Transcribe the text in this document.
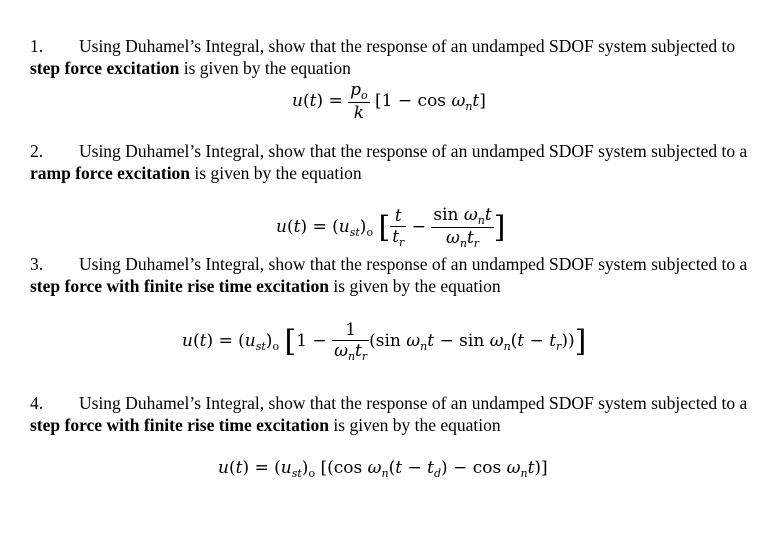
1. Using Duhamel’s Integral, show that the response of an undamped SDOF system subjected to step force excitation is given by the equation
$u(t) = \frac{p_o}{k} [1 - \cos \omega_nt]$
2. Using Duhamel’s Integral, show that the response of an undamped SDOF system subjected to a ramp force excitation is given by the equation
$u(t) = (u_{st})_o$ [ $\frac{t}{t_r} - \frac{\sin \omega_nt}{\omega_nt_r}$ ]
3. Using Duhamel’s Integral, show that the response of an undamped SDOF system subjected to a step force with finite rise time excitation is given by the equation
$u(t) = (u_{st})_o$ [$1 - \frac{1}{\omega_nt_r} (\sin$ $\omega_nt - \sin \omega_n(t - t_r)$)]
4. Using Duhamel’s Integral, show that the response of an undamped SDOF system subjected to a step force with finite rise time excitation is given by the equation
$u(t) = (u_{st})_o$ [(cos $\omega_n(t - t_d) - \cos \omega_nt$)]
